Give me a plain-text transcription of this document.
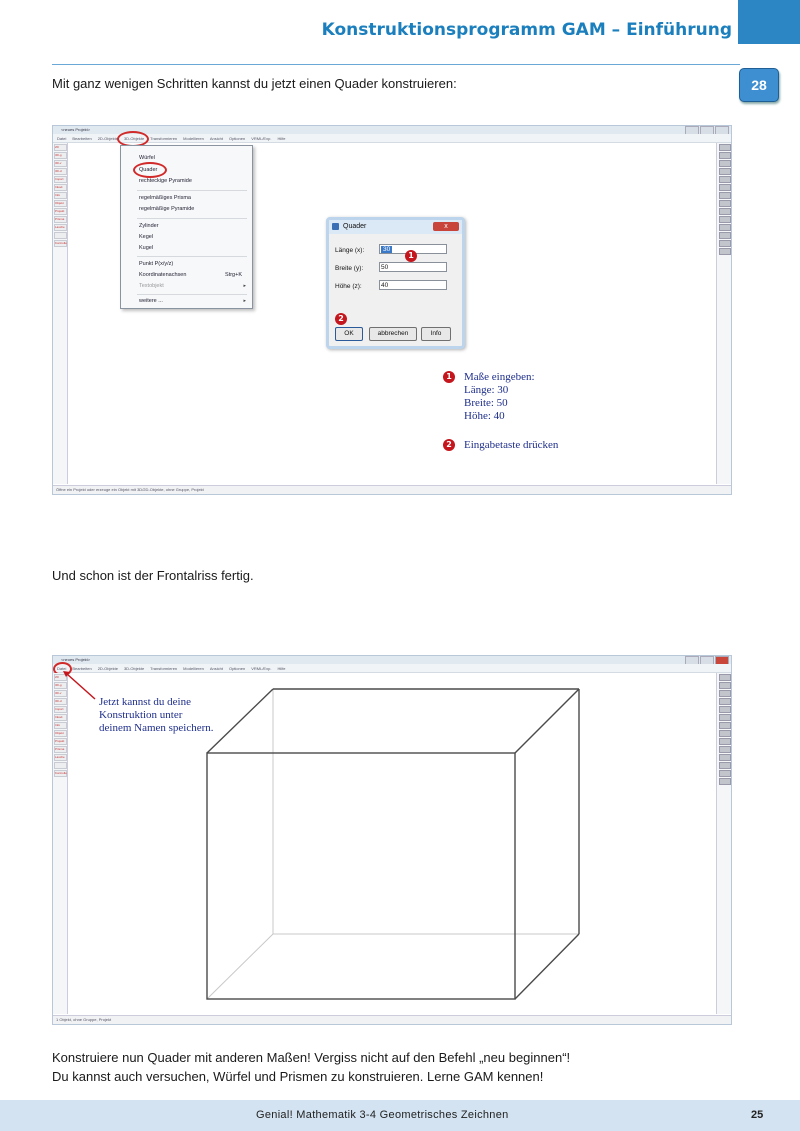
Konstruktionsprogramm GAM – Einführung
28
Mit ganz wenigen Schritten kannst du jetzt einen Quader konstruieren:
<neues Projekt>
Datei Bearbeiten 2D-Objekte 3D-Objekte Transformieren Modellieren Ansicht Optionen VRML/Exp. Hilfe
2D
3D-g
3D-v
3D-d
Import
Inkod.
Info
Objekt
Projekt
Prisma
Lasche
Kontrolle
Würfel
Quader
rechteckige Pyramide
regelmäßiges Prisma
regelmäßige Pyramide
Zylinder
Kegel
Kugel
Punkt P(x/y/z)
Koordinatenachsen	Strg+K
Textobjekt	▸
weitere ...	▸
Quader	x
Länge (x):	30
Breite (y):	50
Höhe (z):	40
1
2
OK	abbrechen	Info
1 Maße eingeben:
Länge: 30
Breite: 50
Höhe: 40
2 Eingabetaste drücken
Öffne ein Projekt oder erzeuge ein Objekt mit 3D/2D-Objekte, ohne Gruppe, Projekt
Und schon ist der Frontalriss fertig.
<neues Projekt>
Datei Bearbeiten 2D-Objekte 3D-Objekte Transformieren Modellieren Ansicht Optionen VRML/Exp. Hilfe
2D
3D-g
3D-v
3D-d
Import
Inkod.
Info
Objekt
Projekt
Prisma
Lasche
Kontrolle
Jetzt kannst du deine
Konstruktion unter
deinem Namen speichern.
1 Objekt, ohne Gruppe, Projekt
Konstruiere nun Quader mit anderen Maßen! Vergiss nicht auf den Befehl „neu beginnen“!
Du kannst auch versuchen, Würfel und Prismen zu konstruieren. Lerne GAM kennen!
Genial! Mathematik 3-4 Geometrisches Zeichnen	25
